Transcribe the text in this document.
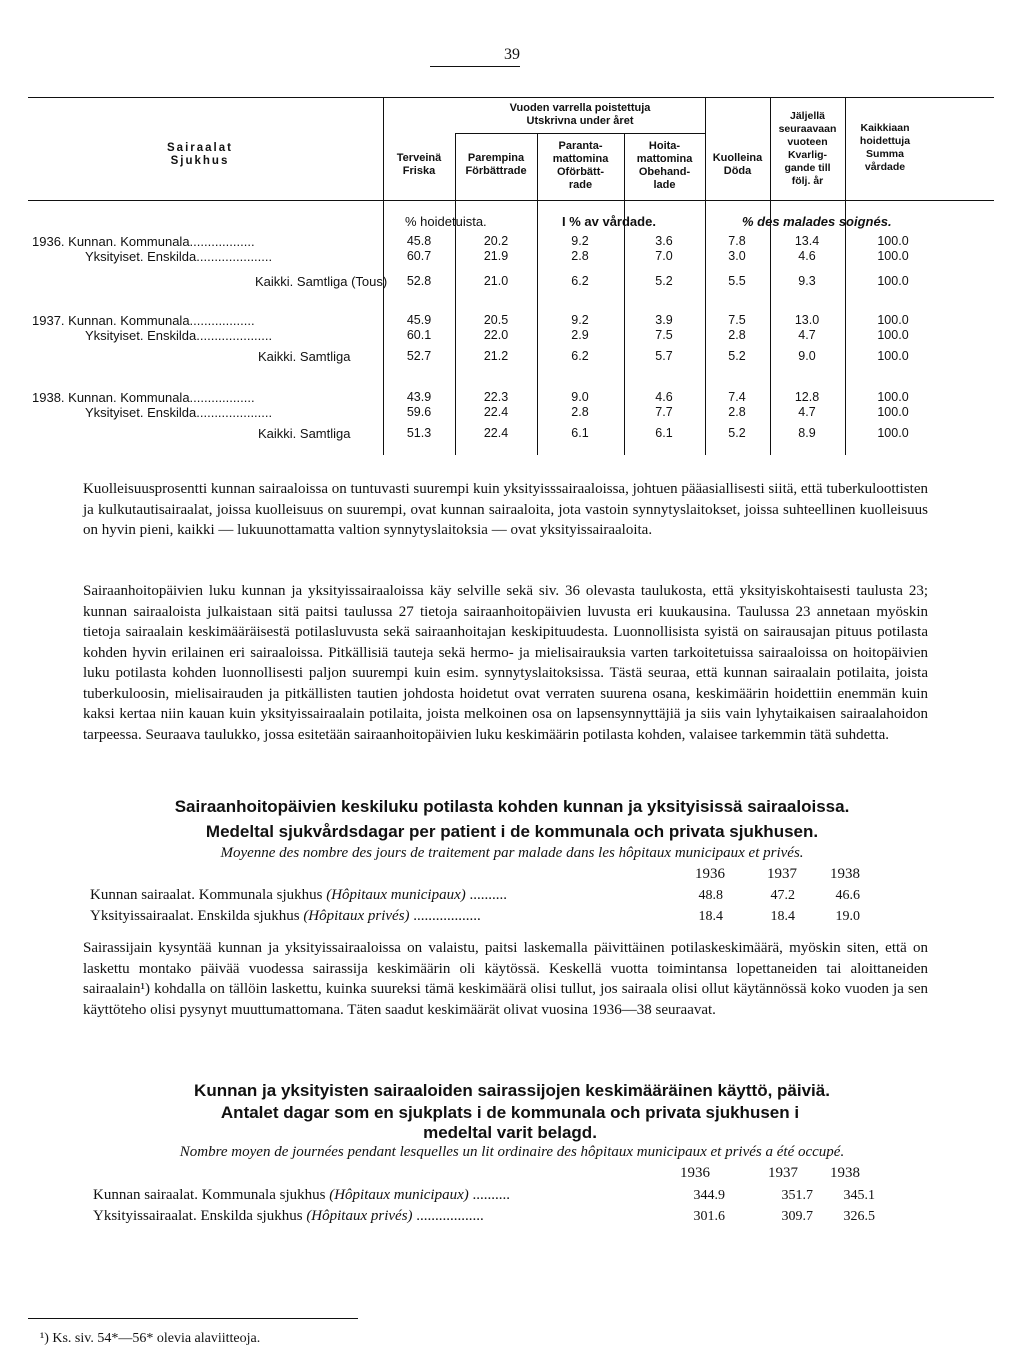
39
Sairaalat
Sjukhus
Vuoden varrella poistettuja
Utskrivna under året
Terveinä
Friska
Parempina
Förbättrade
Paranta-
mattomina
Oförbätt-
rade
Hoita-
mattomina
Obehand-
lade
Kuolleina
Döda
Jäljellä
seuraavaan
vuoteen
Kvarlig-
gande till
följ. år
Kaikkiaan
hoidettuja
Summa
vårdade
% hoidetuista.	I % av vårdade.	% des malades soignés.
1936. Kunnan. Kommunala..................	45.8	20.2	9.2	3.6	7.8	13.4	100.0
Yksityiset. Enskilda.....................	60.7	21.9	2.8	7.0	3.0	4.6	100.0
Kaikki. Samtliga (Tous)	52.8	21.0	6.2	5.2	5.5	9.3	100.0
1937. Kunnan. Kommunala..................	45.9	20.5	9.2	3.9	7.5	13.0	100.0
Yksityiset. Enskilda.....................	60.1	22.0	2.9	7.5	2.8	4.7	100.0
Kaikki. Samtliga	52.7	21.2	6.2	5.7	5.2	9.0	100.0
1938. Kunnan. Kommunala..................	43.9	22.3	9.0	4.6	7.4	12.8	100.0
Yksityiset. Enskilda.....................	59.6	22.4	2.8	7.7	2.8	4.7	100.0
Kaikki. Samtliga	51.3	22.4	6.1	6.1	5.2	8.9	100.0
Kuolleisuusprosentti kunnan sairaaloissa on tuntuvasti suurempi kuin yksityisssairaaloissa, johtuen pääasiallisesti siitä, että tuberkuloottisten ja kulkutautisairaalat, joissa kuolleisuus on suurempi, ovat kunnan sairaaloita, jota vastoin synnytyslaitokset, joissa suhteellinen kuolleisuus on hyvin pieni, kaikki — lukuunottamatta valtion synnytyslaitoksia — ovat yksityissairaaloita.
Sairaanhoitopäivien luku kunnan ja yksityissairaaloissa käy selville sekä siv. 36 olevasta taulukosta, että yksityiskohtaisesti taulusta 23; kunnan sairaaloista julkaistaan sitä paitsi taulussa 27 tietoja sairaanhoitopäivien luvusta eri kuukausina. Taulussa 23 annetaan myöskin tietoja sairaalain keskimääräisestä potilasluvusta sekä sairaanhoitajan keskipituudesta. Luonnollisista syistä on sairausajan pituus potilasta kohden hyvin erilainen eri sairaaloissa. Pitkällisiä tauteja sekä hermo- ja mielisairauksia varten tarkoitetuissa sairaaloissa on hoitopäivien luku potilasta kohden luonnollisesti paljon suurempi kuin esim. synnytyslaitoksissa. Tästä seuraa, että kunnan sairaalain potilaita, joista tuberkuloosin, mielisairauden ja pitkällisten tautien johdosta hoidetut ovat verraten suurena osana, keskimäärin hoidettiin enemmän kuin kaksi kertaa niin kauan kuin yksityissairaalain potilaita, joista melkoinen osa on lapsensynnyttäjiä ja siis vain lyhytaikaisen sairaalahoidon tarpeessa. Seuraava taulukko, jossa esitetään sairaanhoitopäivien luku keskimäärin potilasta kohden, valaisee tarkemmin tätä suhdetta.
Sairaanhoitopäivien keskiluku potilasta kohden kunnan ja yksityisissä sairaaloissa.
Medeltal sjukvårdsdagar per patient i de kommunala och privata sjukhusen.
Moyenne des nombre des jours de traitement par malade dans les hôpitaux municipaux et privés.
1936	1937 1938
Kunnan sairaalat. Kommunala sjukhus (Hôpitaux municipaux) ..........	48.8	47.2	46.6
Yksityissairaalat. Enskilda sjukhus (Hôpitaux privés) ..................	18.4	18.4	19.0
Sairassijain kysyntää kunnan ja yksityissairaaloissa on valaistu, paitsi laskemalla päivittäinen potilaskeskimäärä, myöskin siten, että on laskettu montako päivää vuodessa sairassija keskimäärin oli käytössä. Keskellä vuotta toimintansa lopettaneiden tai aloittaneiden sairaalain¹) kohdalla on tällöin laskettu, kuinka suureksi tämä keskimäärä olisi tullut, jos sairaala olisi ollut käytännössä koko vuoden ja sen käyttöteho olisi pysynyt muuttumattomana. Täten saadut keskimäärät olivat vuosina 1936—38 seuraavat.
Kunnan ja yksityisten sairaaloiden sairassijojen keskimääräinen käyttö, päiviä.
Antalet dagar som en sjukplats i de kommunala och privata sjukhusen i medeltal varit belagd.
Nombre moyen de journées pendant lesquelles un lit ordinaire des hôpitaux municipaux et privés a été occupé.
1936	1937 1938
Kunnan sairaalat. Kommunala sjukhus (Hôpitaux municipaux) ..........	344.9	351.7	345.1
Yksityissairaalat. Enskilda sjukhus (Hôpitaux privés) ..................	301.6	309.7	326.5
¹) Ks. siv. 54*—56* olevia alaviitteoja.
